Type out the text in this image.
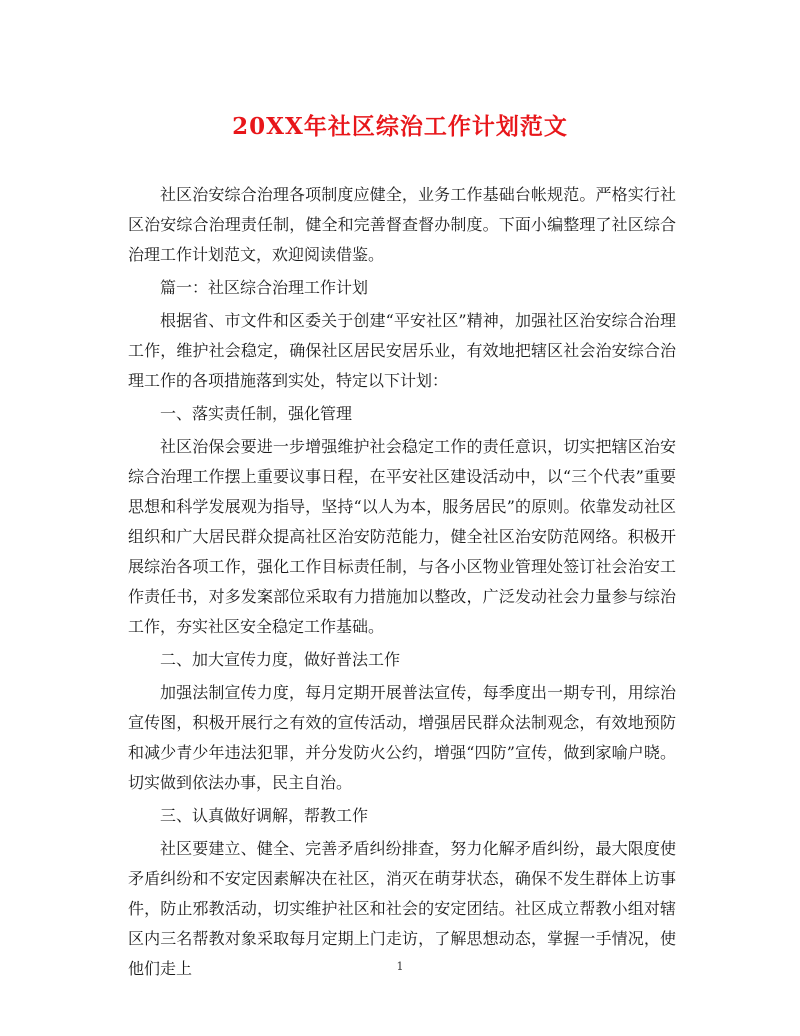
20XX年社区综治工作计划范文

社区治安综合治理各项制度应健全，业务工作基础台帐规范。严格实行社区治安综合治理责任制，健全和完善督查督办制度。下面小编整理了社区综合治理工作计划范文，欢迎阅读借鉴。

篇一：社区综合治理工作计划

根据省、市文件和区委关于创建“平安社区”精神，加强社区治安综合治理工作，维护社会稳定，确保社区居民安居乐业，有效地把辖区社会治安综合治理工作的各项措施落到实处，特定以下计划：

一、落实责任制，强化管理

社区治保会要进一步增强维护社会稳定工作的责任意识，切实把辖区治安综合治理工作摆上重要议事日程，在平安社区建设活动中，以“三个代表”重要思想和科学发展观为指导，坚持“以人为本，服务居民”的原则。依靠发动社区组织和广大居民群众提高社区治安防范能力，健全社区治安防范网络。积极开展综治各项工作，强化工作目标责任制，与各小区物业管理处签订社会治安工作责任书，对多发案部位采取有力措施加以整改，广泛发动社会力量参与综治工作，夯实社区安全稳定工作基础。

二、加大宣传力度，做好普法工作

加强法制宣传力度，每月定期开展普法宣传，每季度出一期专刊，用综治宣传图，积极开展行之有效的宣传活动，增强居民群众法制观念，有效地预防和减少青少年违法犯罪，并分发防火公约，增强“四防”宣传，做到家喻户晓。切实做到依法办事，民主自治。

三、认真做好调解，帮教工作

社区要建立、健全、完善矛盾纠纷排查，努力化解矛盾纠纷，最大限度使矛盾纠纷和不安定因素解决在社区，消灭在萌芽状态，确保不发生群体上访事件，防止邪教活动，切实维护社区和社会的安定团结。社区成立帮教小组对辖区内三名帮教对象采取每月定期上门走访，了解思想动态，掌握一手情况，使他们走上	1
